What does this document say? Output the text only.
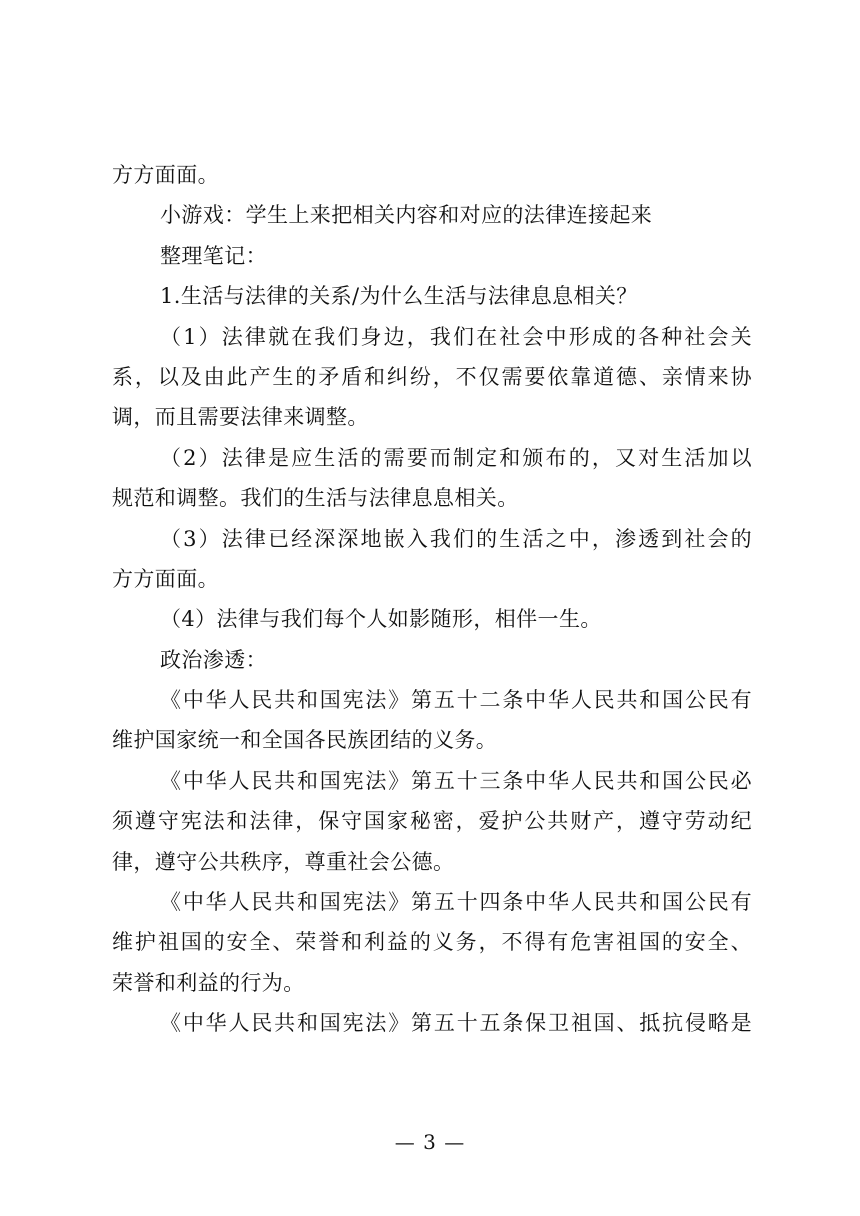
方方面面。
小游戏：学生上来把相关内容和对应的法律连接起来
整理笔记：
1.生活与法律的关系/为什么生活与法律息息相关？
（1）法律就在我们身边，我们在社会中形成的各种社会关
系，以及由此产生的矛盾和纠纷，不仅需要依靠道德、亲情来协
调，而且需要法律来调整。
（2）法律是应生活的需要而制定和颁布的，又对生活加以
规范和调整。我们的生活与法律息息相关。
（3）法律已经深深地嵌入我们的生活之中，渗透到社会的
方方面面。
（4）法律与我们每个人如影随形，相伴一生。
政治渗透：
《中华人民共和国宪法》第五十二条中华人民共和国公民有
维护国家统一和全国各民族团结的义务。
《中华人民共和国宪法》第五十三条中华人民共和国公民必
须遵守宪法和法律，保守国家秘密，爱护公共财产，遵守劳动纪
律，遵守公共秩序，尊重社会公德。
《中华人民共和国宪法》第五十四条中华人民共和国公民有
维护祖国的安全、荣誉和利益的义务，不得有危害祖国的安全、
荣誉和利益的行为。
《中华人民共和国宪法》第五十五条保卫祖国、抵抗侵略是
— 3 —
